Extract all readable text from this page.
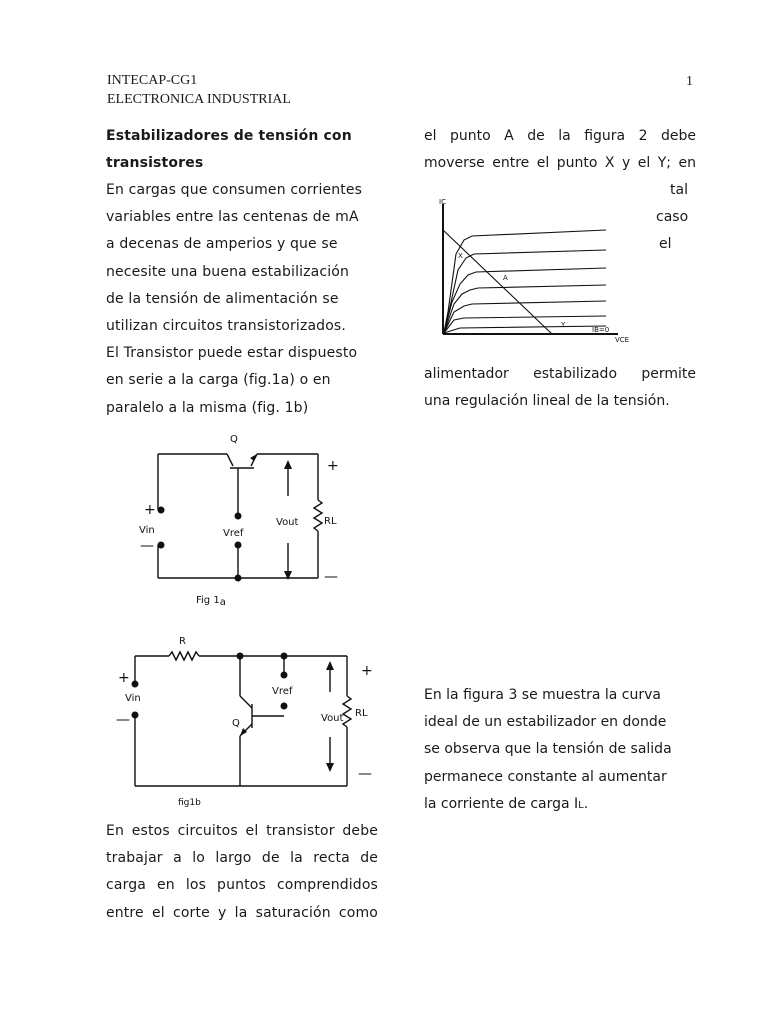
INTECAP-CG1
ELECTRONICA INDUSTRIAL
1
Estabilizadores de tensión con
transistores
En cargas que consumen corrientes
variables entre las centenas de mA
a decenas de amperios y que se
necesite una buena estabilización
de la tensión de alimentación se
utilizan circuitos transistorizados.
El Transistor puede estar dispuesto
en serie a la carga (fig.1a) o en
paralelo a la misma (fig. 1b)
Q
+
—
Vin	Vref
Vout	RL
+
—
Fig 1a
R
+
—
Vin
Q
Vref
RL
Vout
+
—
fig1b
En estos circuitos el transistor debe
trabajar a lo largo de la recta de
carga en los puntos comprendidos
entre el corte y la saturación como
el punto A de la figura 2 debe
moverse entre el punto X y el Y; en
tal
caso
el
IC
VCE
IB=0
X
A
Y
alimentador estabilizado permite
una regulación lineal de la tensión.
En la figura 3 se muestra la curva
ideal de un estabilizador en donde
se observa que la tensión de salida
permanece constante al aumentar
la corriente de carga IL.
